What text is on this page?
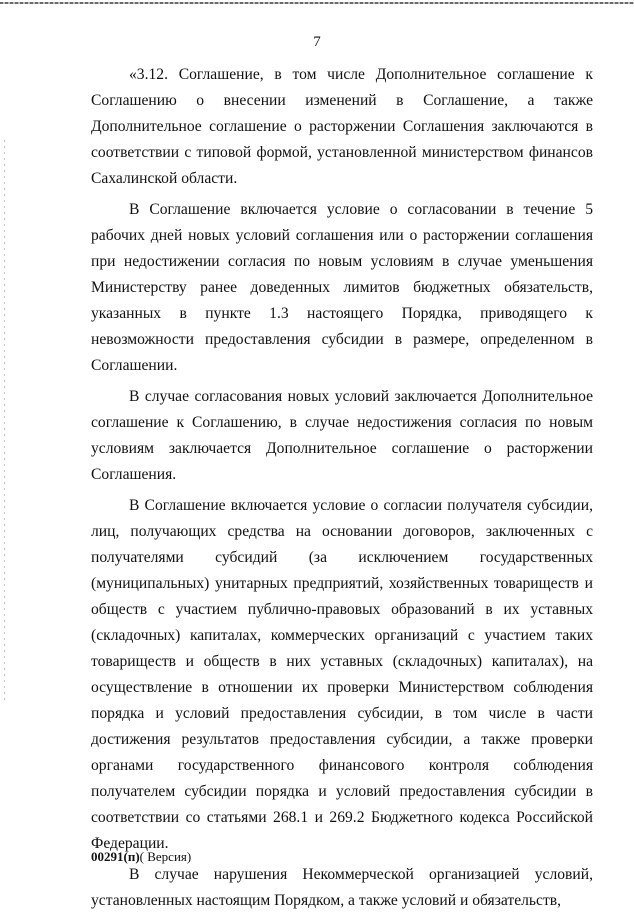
7

«3.12. Соглашение, в том числе Дополнительное соглашение к Соглашению о внесении изменений в Соглашение, а также Дополнительное соглашение о расторжении Соглашения заключаются в соответствии с типовой формой, установленной министерством финансов Сахалинской области.

В Соглашение включается условие о согласовании в течение 5 рабочих дней новых условий соглашения или о расторжении соглашения при недостижении согласия по новым условиям в случае уменьшения Министерству ранее доведенных лимитов бюджетных обязательств, указанных в пункте 1.3 настоящего Порядка, приводящего к невозможности предоставления субсидии в размере, определенном в Соглашении.

В случае согласования новых условий заключается Дополнительное соглашение к Соглашению, в случае недостижения согласия по новым условиям заключается Дополнительное соглашение о расторжении Соглашения.

В Соглашение включается условие о согласии получателя субсидии, лиц, получающих средства на основании договоров, заключенных с получателями субсидий (за исключением государственных (муниципальных) унитарных предприятий, хозяйственных товариществ и обществ с участием публично-правовых образований в их уставных (складочных) капиталах, коммерческих организаций с участием таких товариществ и обществ в них уставных (складочных) капиталах), на осуществление в отношении их проверки Министерством соблюдения порядка и условий предоставления субсидии, в том числе в части достижения результатов предоставления субсидии, а также проверки органами государственного финансового контроля соблюдения получателем субсидии порядка и условий предоставления субсидии в соответствии со статьями 268.1 и 269.2 Бюджетного кодекса Российской Федерации.

В случае нарушения Некоммерческой организацией условий, установленных настоящим Порядком, а также условий и обязательств,

00291(п)( Версия)
